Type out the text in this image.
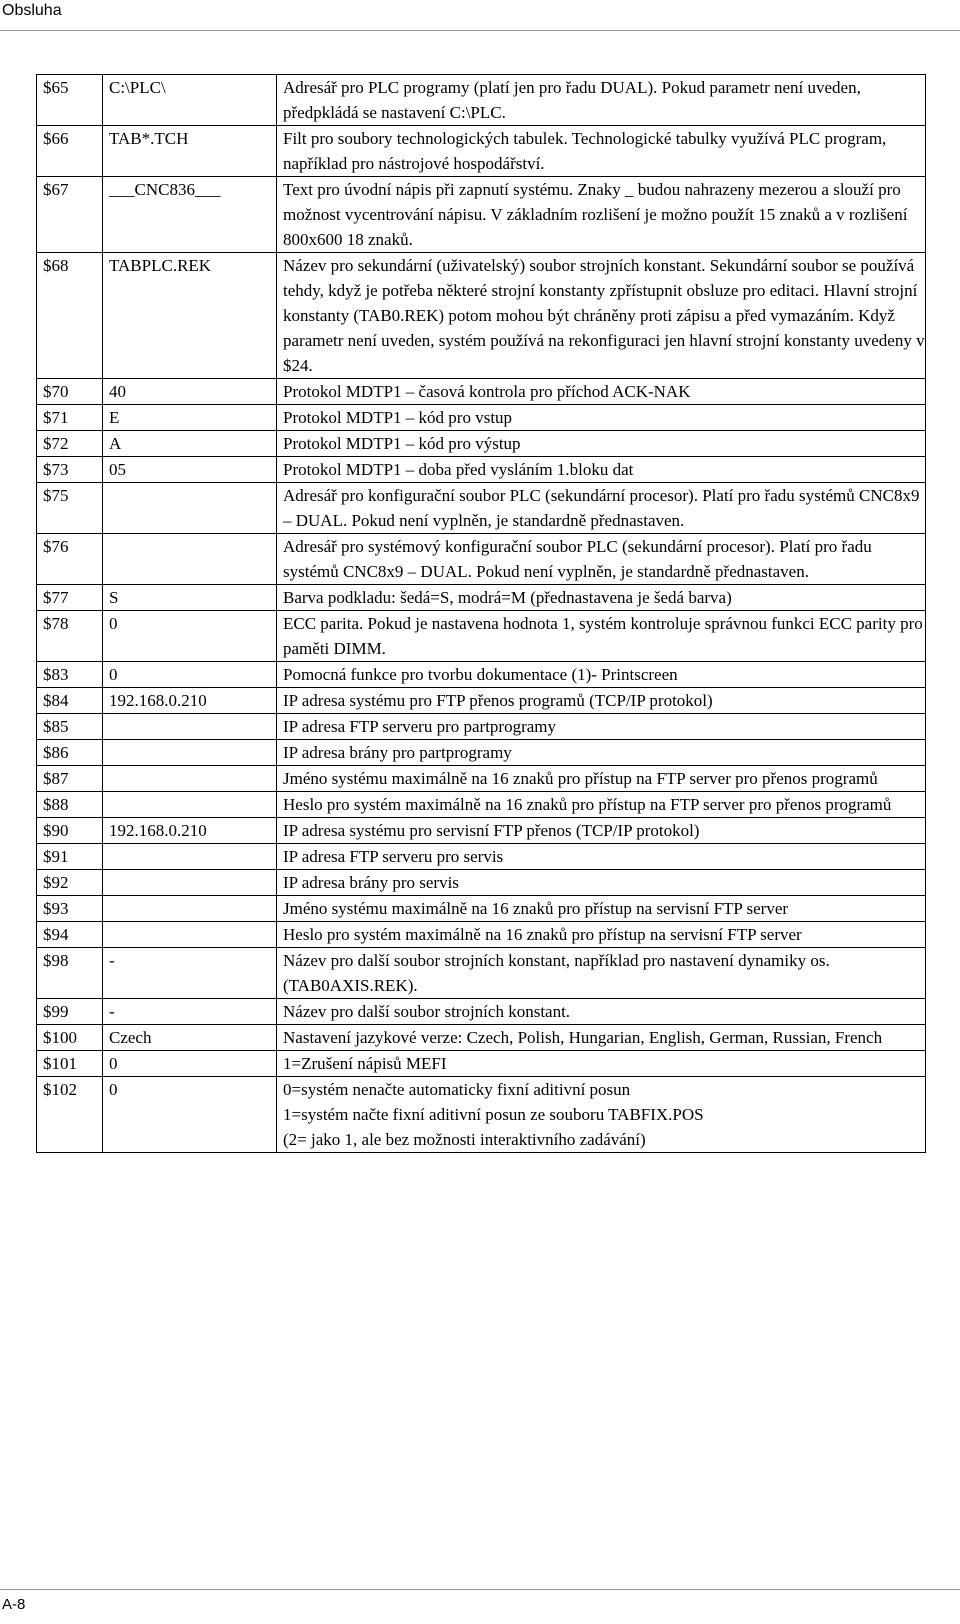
Obsluha
$65	C:\PLC\	Adresář pro PLC programy (platí jen pro řadu DUAL). Pokud parametr není uveden, předpkládá se nastavení C:\PLC.
$66	TAB*.TCH	Filt pro soubory technologických tabulek. Technologické tabulky využívá PLC program, například pro nástrojové hospodářství.
$67	___CNC836___	Text pro úvodní nápis při zapnutí systému. Znaky _ budou nahrazeny mezerou a slouží pro možnost vycentrování nápisu. V základním rozlišení je možno použít 15 znaků a v rozlišení 800x600 18 znaků.
$68	TABPLC.REK	Název pro sekundární (uživatelský) soubor strojních konstant. Sekundární soubor se používá tehdy, když je potřeba některé strojní konstanty zpřístupnit obsluze pro editaci. Hlavní strojní konstanty (TAB0.REK) potom mohou být chráněny proti zápisu a před vymazáním. Když parametr není uveden, systém používá na rekonfiguraci jen hlavní strojní konstanty uvedeny v $24.
$70	40	Protokol MDTP1 – časová kontrola pro příchod ACK-NAK
$71	E	Protokol MDTP1 – kód pro vstup
$72	A	Protokol MDTP1 – kód pro výstup
$73	05	Protokol MDTP1 – doba před vysláním 1.bloku dat
$75		Adresář pro konfigurační soubor PLC (sekundární procesor). Platí pro řadu systémů CNC8x9 – DUAL. Pokud není vyplněn, je standardně přednastaven.
$76		Adresář pro systémový konfigurační soubor PLC (sekundární procesor). Platí pro řadu systémů CNC8x9 – DUAL. Pokud není vyplněn, je standardně přednastaven.
$77	S	Barva podkladu: šedá=S, modrá=M (přednastavena je šedá barva)
$78	0	ECC parita. Pokud je nastavena hodnota 1, systém kontroluje správnou funkci ECC parity pro paměti DIMM.
$83	0	Pomocná funkce pro tvorbu dokumentace (1)- Printscreen
$84	192.168.0.210	IP adresa systému pro FTP přenos programů (TCP/IP protokol)
$85		IP adresa FTP serveru pro partprogramy
$86		IP adresa brány pro partprogramy
$87		Jméno systému maximálně na 16 znaků pro přístup na FTP server pro přenos programů
$88		Heslo pro systém maximálně na 16 znaků pro přístup na FTP server pro přenos programů
$90	192.168.0.210	IP adresa systému pro servisní FTP přenos (TCP/IP protokol)
$91		IP adresa FTP serveru pro servis
$92		IP adresa brány pro servis
$93		Jméno systému maximálně na 16 znaků pro přístup na servisní FTP server
$94		Heslo pro systém maximálně na 16 znaků pro přístup na servisní FTP server
$98	-	Název pro další soubor strojních konstant, například pro nastavení dynamiky os. (TAB0AXIS.REK).
$99	-	Název pro další soubor strojních konstant.
$100	Czech	Nastavení jazykové verze: Czech, Polish, Hungarian, English, German, Russian, French
$101	0	1=Zrušení nápisů MEFI
$102	0	0=systém nenačte automaticky fixní aditivní posun
1=systém načte fixní aditivní posun ze souboru TABFIX.POS
(2= jako 1, ale bez možnosti interaktivního zadávání)
A-8
